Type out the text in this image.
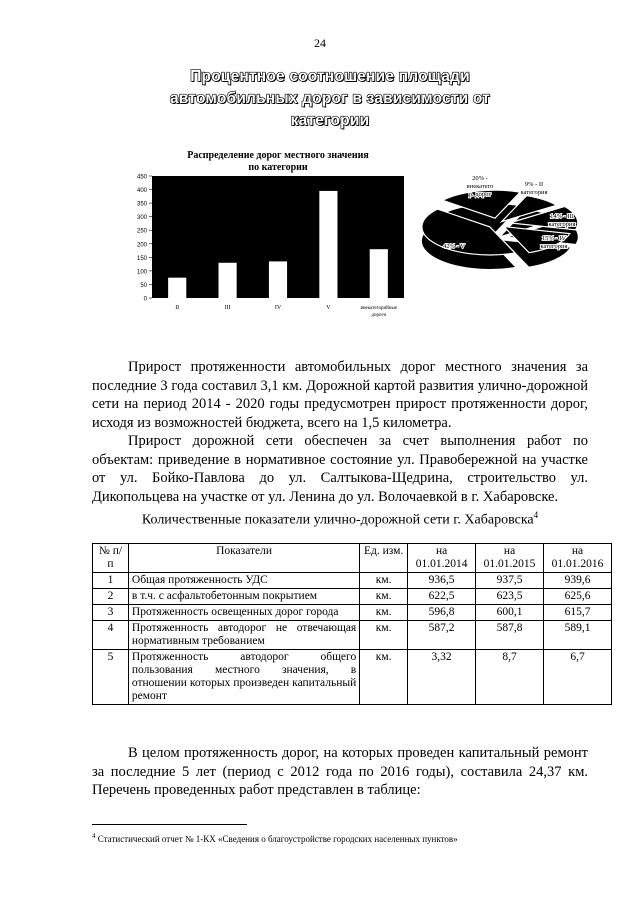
24
Процентное соотношение площади
автомобильных дорог в зависимости от
категории
Распределение дорог местного значения
по категории
0
50
100
150
200
250
300
350
400
450
II	III	IV	V	внекатегорийные
дороги
20% -
внекатего
р. дорог
9% - II
категория
14% - III
категория
15% - IV
категория
42% - V

Прирост протяженности автомобильных дорог местного значения за последние 3 года составил 3,1 км. Дорожной картой развития улично-дорожной сети на период 2014 - 2020 годы предусмотрен прирост протяженности дорог, исходя из возможностей бюджета, всего на 1,5 километра.

Прирост дорожной сети обеспечен за счет выполнения работ по объектам: приведение в нормативное состояние ул. Правобережной на участке от ул. Бойко-Павлова до ул. Салтыкова-Щедрина, строительство ул. Дикопольцева на участке от ул. Ленина до ул. Волочаевкой в г. Хабаровске.

Количественные показатели улично-дорожной сети г. Хабаровска$^4$
№ п/п	Показатели	Ед. изм.	на 01.01.2014	на 01.01.2015	на 01.01.2016
1	Общая протяженность УДС	км.	936,5	937,5	939,6
2	в т.ч. с асфальтобетонным покрытием	км.	622,5	623,5	625,6
3	Протяженность освещенных дорог города	км.	596,8	600,1	615,7
4	Протяженность автодорог не отвечающая нормативным требованием	км.	587,2	587,8	589,1
5	Протяженность автодорог общего пользования местного значения, в отношении которых произведен капитальный ремонт	км.	3,32	8,7	6,7

В целом протяженность дорог, на которых проведен капитальный ремонт за последние 5 лет (период с 2012 года по 2016 годы), составила 24,37 км. Перечень проведенных работ представлен в таблице:

$^4$ Статистический отчет № 1-КХ «Сведения о благоустройстве городских населенных пунктов»
